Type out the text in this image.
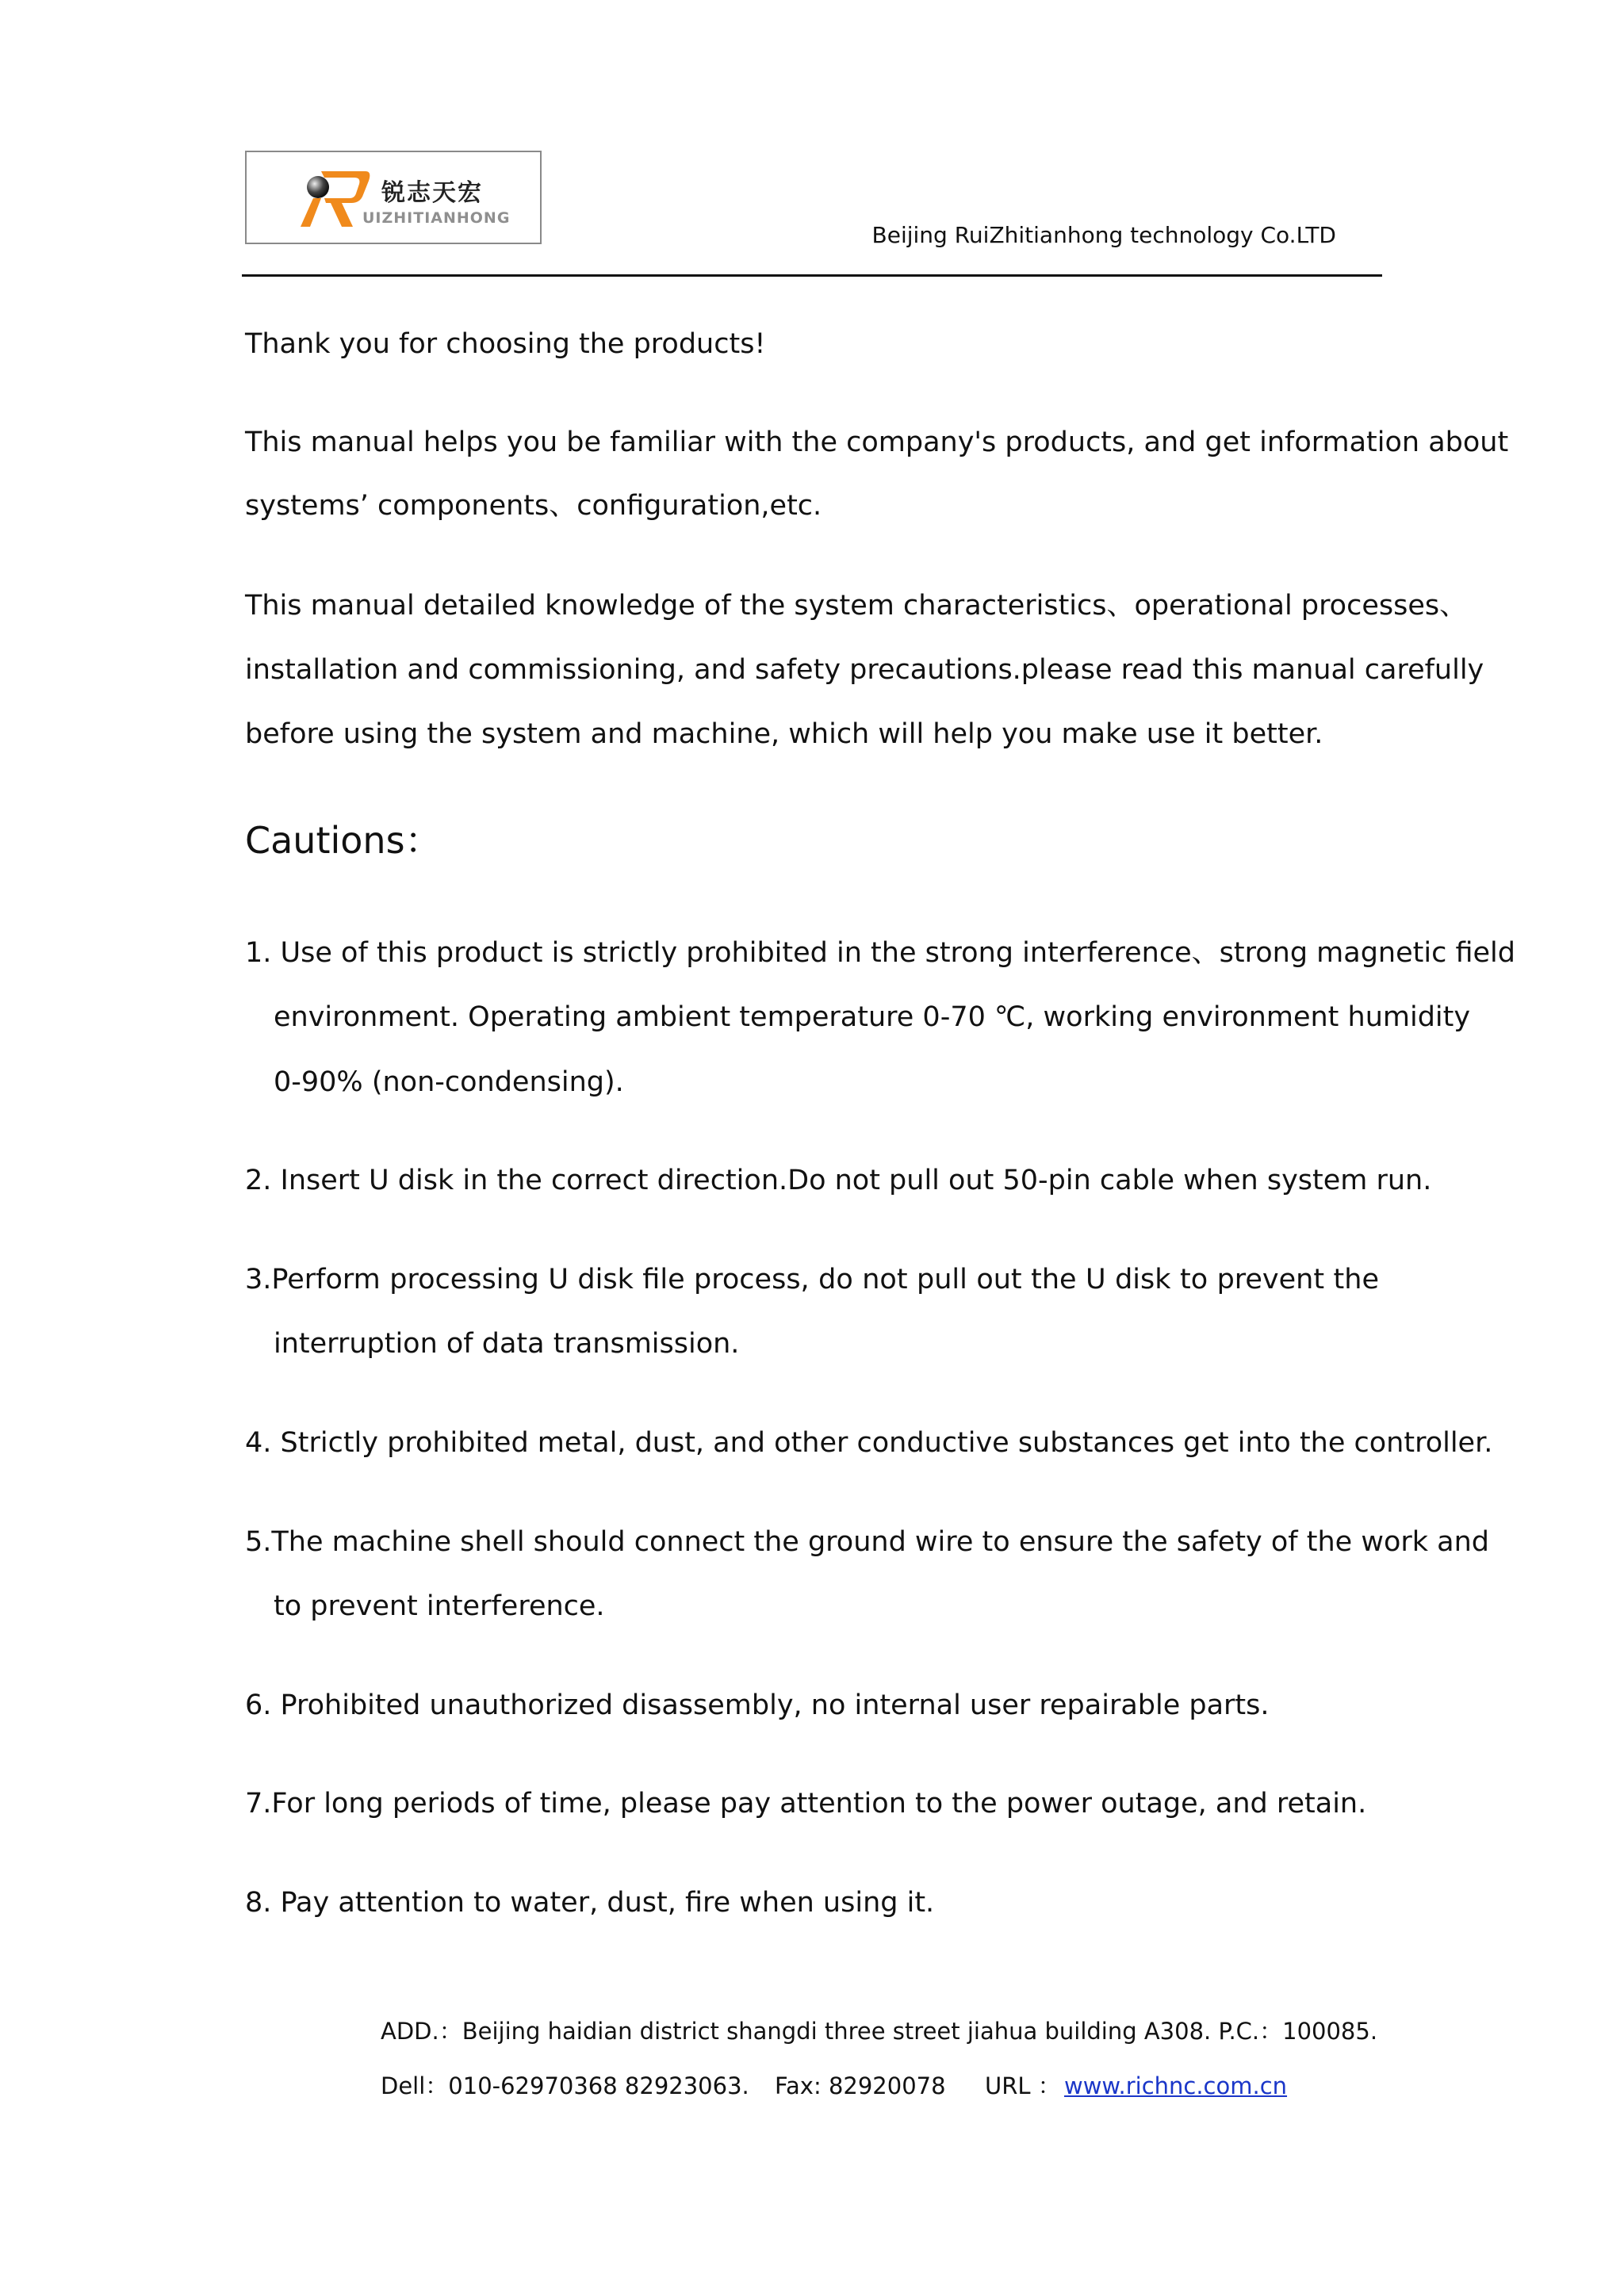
锐志天宏
UIZHITIANHONG
Beijing RuiZhitianhong technology Co.LTD
Thank you for choosing the products!
This manual helps you be familiar with the company's products, and get information about
systems’ components、configuration,etc.
This manual detailed knowledge of the system characteristics、operational processes、
installation and commissioning, and safety precautions.please read this manual carefully
before using the system and machine, which will help you make use it better.
Cautions：
1. Use of this product is strictly prohibited in the strong interference、strong magnetic field
environment. Operating ambient temperature 0-70 ℃, working environment humidity
0-90% (non-condensing).
2. Insert U disk in the correct direction.Do not pull out 50-pin cable when system run.
3.Perform processing U disk file process, do not pull out the U disk to prevent the
interruption of data transmission.
4. Strictly prohibited metal, dust, and other conductive substances get into the controller.
5.The machine shell should connect the ground wire to ensure the safety of the work and
to prevent interference.
6. Prohibited unauthorized disassembly, no internal user repairable parts.
7.For long periods of time, please pay attention to the power outage, and retain.
8. Pay attention to water, dust, fire when using it.
ADD.：Beijing haidian district shangdi three street jiahua building A308. P.C.：100085.
Dell：010-62970368 82923063. Fax: 82920078 URL ： www.richnc.com.cn
